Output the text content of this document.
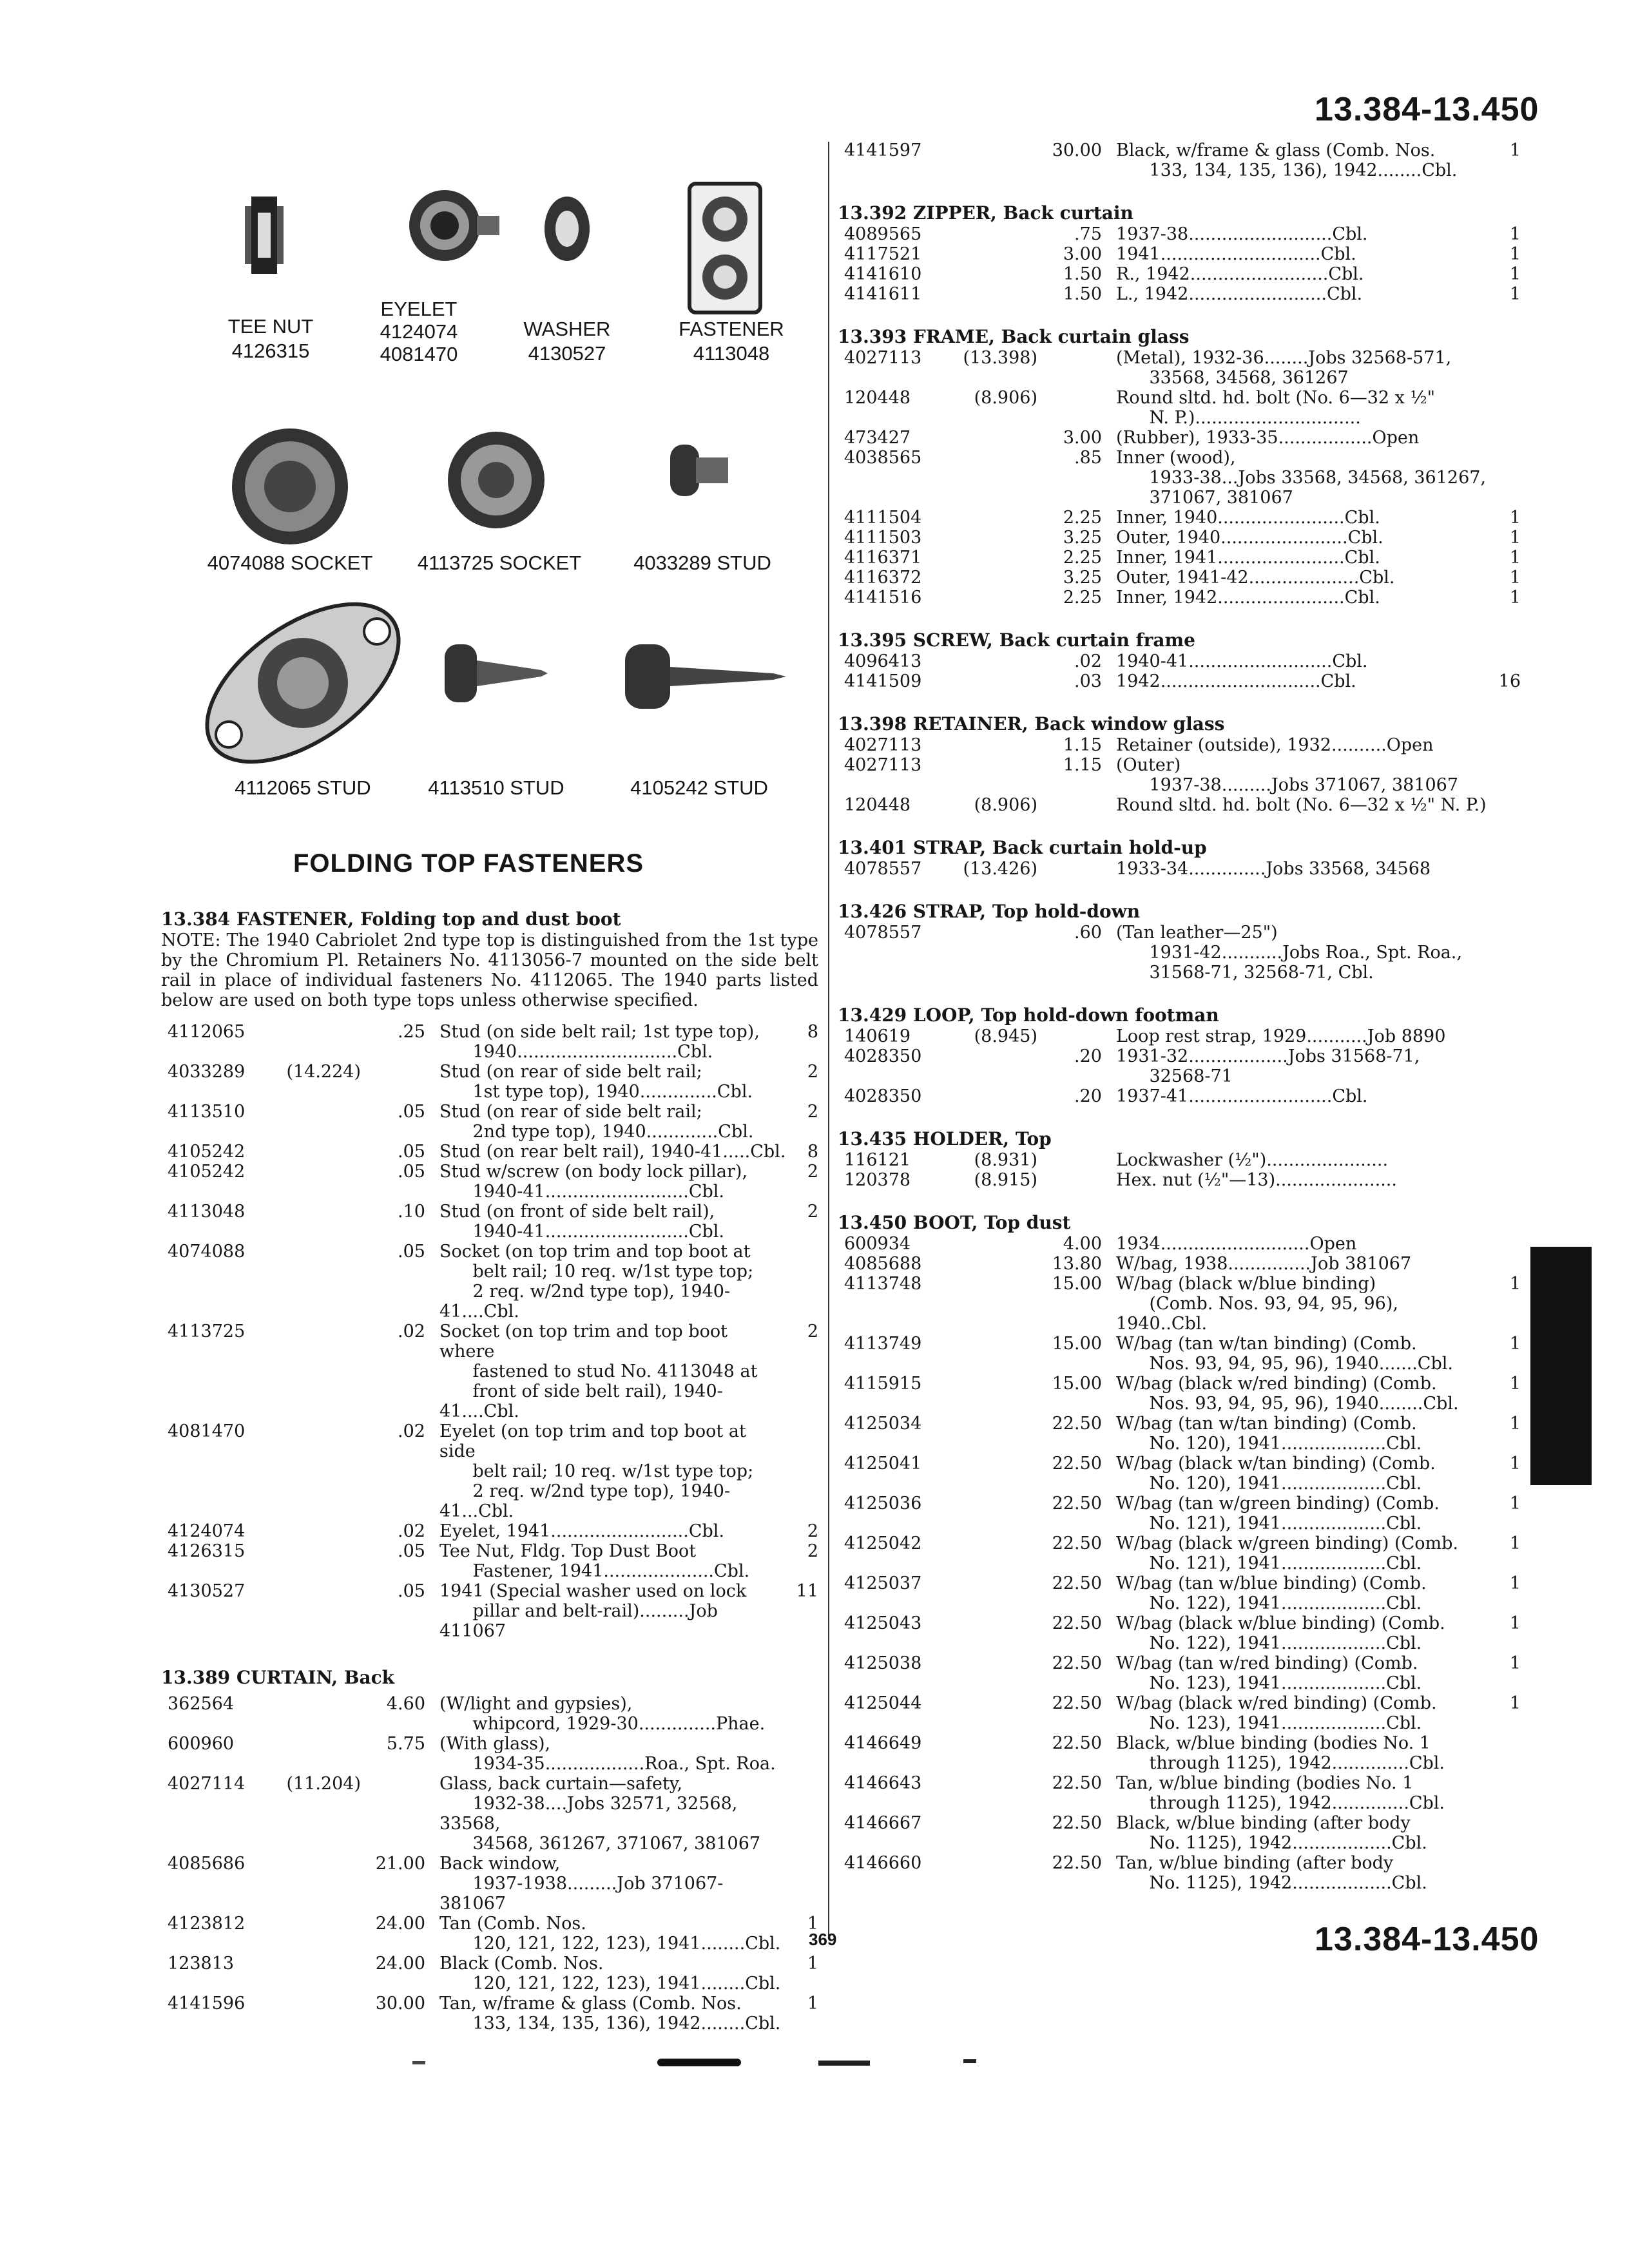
13.384-13.450
TEE NUT
4126315
EYELET
4124074
4081470
WASHER
4130527
FASTENER
4113048
4074088 SOCKET	4113725 SOCKET	4033289 STUD
4112065 STUD	4113510 STUD	4105242 STUD
FOLDING TOP FASTENERS
13.384 FASTENER, Folding top and dust boot
NOTE: The 1940 Cabriolet 2nd type top is distinguished from the 1st type by the Chromium Pl. Retainers No. 4113056-7 mounted on the side belt rail in place of individual fasteners No. 4112065. The 1940 parts listed below are used on both type tops unless otherwise specified.
4112065	.25 Stud (on side belt rail; 1st type top),
1940.............................Cbl.
8
4033289	(14.224)	Stud (on rear of side belt rail;
1st type top), 1940..............Cbl.
2
4113510	.05 Stud (on rear of side belt rail;
2nd type top), 1940.............Cbl.
2
4105242	.05 Stud (on rear belt rail), 1940-41.....Cbl.	8
4105242	.05 Stud w/screw (on body lock pillar),
1940-41..........................Cbl.
2
4113048	.10 Stud (on front of side belt rail),
1940-41..........................Cbl.
2
4074088	.05 Socket (on top trim and top boot at
belt rail; 10 req. w/1st type top;
2 req. w/2nd type top), 1940-41....Cbl.
4113725	.02 Socket (on top trim and top boot where
fastened to stud No. 4113048 at
front of side belt rail), 1940-41....Cbl.
2
4081470	.02 Eyelet (on top trim and top boot at side
belt rail; 10 req. w/1st type top;
2 req. w/2nd type top), 1940-41...Cbl.
4124074	.02 Eyelet, 1941.........................Cbl.	2
4126315	.05 Tee Nut, Fldg. Top Dust Boot
Fastener, 1941....................Cbl.
2
4130527	.05 1941 (Special washer used on lock
pillar and belt-rail).........Job 411067
11
13.389 CURTAIN, Back
362564	4.60 (W/light and gypsies),
whipcord, 1929-30..............Phae.
600960	5.75 (With glass),
1934-35..................Roa., Spt. Roa.
4027114	(11.204)	Glass, back curtain—safety,
1932-38....Jobs 32571, 32568, 33568,
34568, 361267, 371067, 381067
4085686	21.00 Back window,
1937-1938.........Job 371067-381067
4123812	24.00 Tan (Comb. Nos.
120, 121, 122, 123), 1941........Cbl.
1
123813	24.00 Black (Comb. Nos.
120, 121, 122, 123), 1941........Cbl.
1
4141596	30.00 Tan, w/frame & glass (Comb. Nos.
133, 134, 135, 136), 1942........Cbl.
1
4141597	30.00 Black, w/frame & glass (Comb. Nos.
133, 134, 135, 136), 1942........Cbl.
1
13.392 ZIPPER, Back curtain
4089565	.75 1937-38..........................Cbl.	1
4117521	3.00 1941.............................Cbl.	1
4141610	1.50 R., 1942.........................Cbl.	1
4141611	1.50 L., 1942.........................Cbl.	1
13.393 FRAME, Back curtain glass
4027113	(13.398)	(Metal), 1932-36........Jobs 32568-571,
33568, 34568, 361267
120448	(8.906)	Round sltd. hd. bolt (No. 6—32 x ½"
N. P.)..............................
473427	3.00 (Rubber), 1933-35.................Open
4038565	.85 Inner (wood),
1933-38...Jobs 33568, 34568, 361267,
371067, 381067
4111504	2.25 Inner, 1940.......................Cbl.	1
4111503	3.25 Outer, 1940.......................Cbl.	1
4116371	2.25 Inner, 1941.......................Cbl.	1
4116372	3.25 Outer, 1941-42....................Cbl.	1
4141516	2.25 Inner, 1942.......................Cbl.	1
13.395 SCREW, Back curtain frame
4096413	.02 1940-41..........................Cbl.
4141509	.03 1942.............................Cbl.	16
13.398 RETAINER, Back window glass
4027113	1.15 Retainer (outside), 1932..........Open
4027113	1.15 (Outer)
1937-38.........Jobs 371067, 381067
120448	(8.906)	Round sltd. hd. bolt (No. 6—32 x ½" N. P.)
13.401 STRAP, Back curtain hold-up
4078557	(13.426)	1933-34..............Jobs 33568, 34568
13.426 STRAP, Top hold-down
4078557	.60 (Tan leather—25")
1931-42...........Jobs Roa., Spt. Roa.,
31568-71, 32568-71, Cbl.
13.429 LOOP, Top hold-down footman
140619	(8.945)	Loop rest strap, 1929...........Job 8890
4028350	.20 1931-32..................Jobs 31568-71,
32568-71
4028350	.20 1937-41..........................Cbl.
13.435 HOLDER, Top
116121	(8.931)	Lockwasher (½")......................
120378	(8.915)	Hex. nut (½"—13)......................
13.450 BOOT, Top dust
600934	4.00 1934...........................Open
4085688	13.80 W/bag, 1938...............Job 381067
4113748	15.00 W/bag (black w/blue binding)
(Comb. Nos. 93, 94, 95, 96), 1940..Cbl.
1
4113749	15.00 W/bag (tan w/tan binding) (Comb.
Nos. 93, 94, 95, 96), 1940.......Cbl.
1
4115915	15.00 W/bag (black w/red binding) (Comb.
Nos. 93, 94, 95, 96), 1940........Cbl.
1
4125034	22.50 W/bag (tan w/tan binding) (Comb.
No. 120), 1941...................Cbl.
1
4125041	22.50 W/bag (black w/tan binding) (Comb.
No. 120), 1941...................Cbl.
1
4125036	22.50 W/bag (tan w/green binding) (Comb.
No. 121), 1941...................Cbl.
1
4125042	22.50 W/bag (black w/green binding) (Comb.
No. 121), 1941...................Cbl.
1
4125037	22.50 W/bag (tan w/blue binding) (Comb.
No. 122), 1941...................Cbl.
1
4125043	22.50 W/bag (black w/blue binding) (Comb.
No. 122), 1941...................Cbl.
1
4125038	22.50 W/bag (tan w/red binding) (Comb.
No. 123), 1941...................Cbl.
1
4125044	22.50 W/bag (black w/red binding) (Comb.
No. 123), 1941...................Cbl.
1
4146649	22.50 Black, w/blue binding (bodies No. 1
through 1125), 1942..............Cbl.
4146643	22.50 Tan, w/blue binding (bodies No. 1
through 1125), 1942..............Cbl.
4146667	22.50 Black, w/blue binding (after body
No. 1125), 1942..................Cbl.
4146660	22.50 Tan, w/blue binding (after body
No. 1125), 1942..................Cbl.
369	13.384-13.450
